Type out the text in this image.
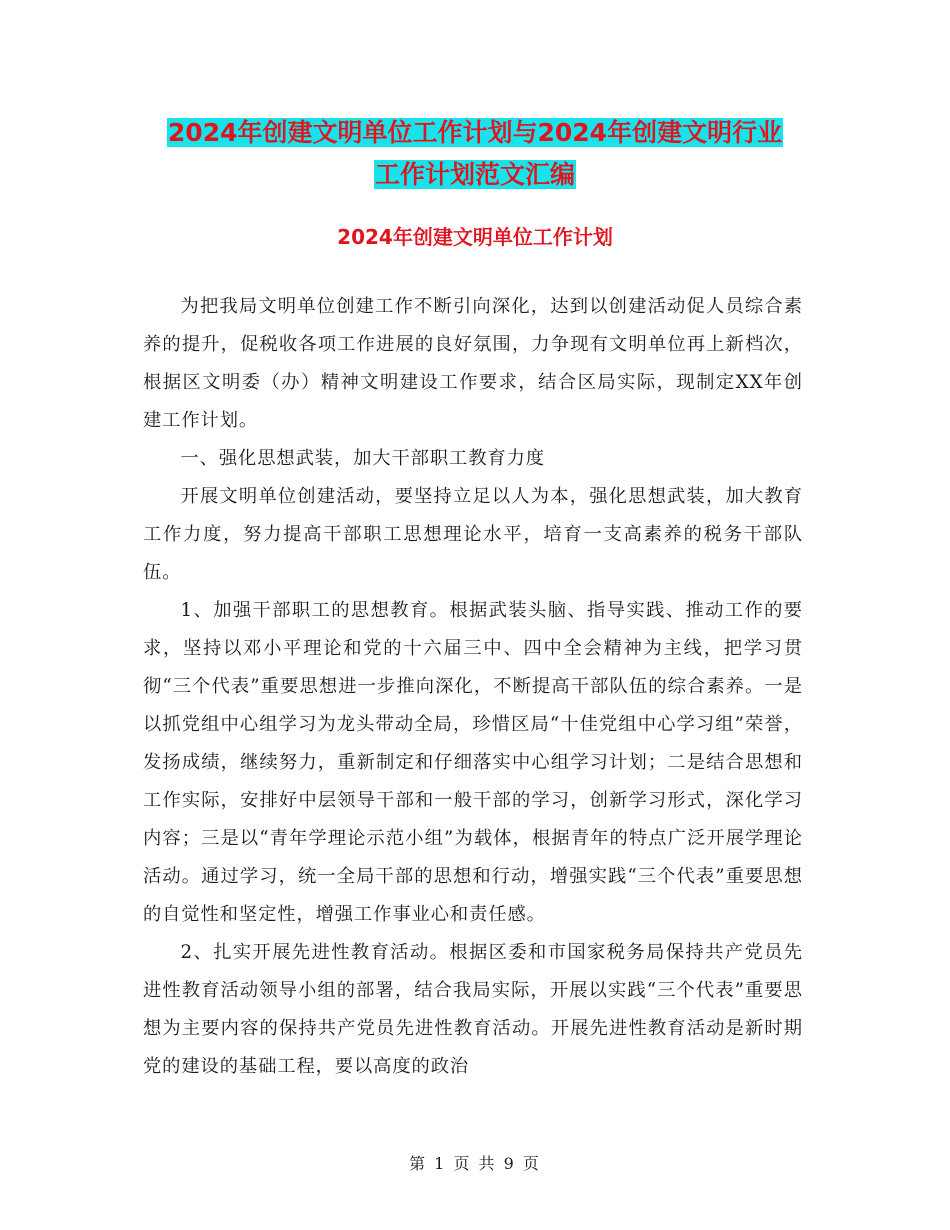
2024年创建文明单位工作计划与2024年创建文明行业
工作计划范文汇编
2024年创建文明单位工作计划

为把我局文明单位创建工作不断引向深化，达到以创建活动促人员综合素养的提升，促税收各项工作进展的良好氛围，力争现有文明单位再上新档次，根据区文明委（办）精神文明建设工作要求，结合区局实际，现制定XX年创建工作计划。

一、强化思想武装，加大干部职工教育力度

开展文明单位创建活动，要坚持立足以人为本，强化思想武装，加大教育工作力度，努力提高干部职工思想理论水平，培育一支高素养的税务干部队伍。

1、加强干部职工的思想教育。根据武装头脑、指导实践、推动工作的要求，坚持以邓小平理论和党的十六届三中、四中全会精神为主线，把学习贯彻“三个代表”重要思想进一步推向深化，不断提高干部队伍的综合素养。一是以抓党组中心组学习为龙头带动全局，珍惜区局“十佳党组中心学习组”荣誉，发扬成绩，继续努力，重新制定和仔细落实中心组学习计划；二是结合思想和工作实际，安排好中层领导干部和一般干部的学习，创新学习形式，深化学习内容；三是以“青年学理论示范小组”为载体，根据青年的特点广泛开展学理论活动。通过学习，统一全局干部的思想和行动，增强实践“三个代表”重要思想的自觉性和坚定性，增强工作事业心和责任感。

2、扎实开展先进性教育活动。根据区委和市国家税务局保持共产党员先进性教育活动领导小组的部署，结合我局实际，开展以实践“三个代表”重要思想为主要内容的保持共产党员先进性教育活动。开展先进性教育活动是新时期党的建设的基础工程，要以高度的政治

第 1 页 共 9 页
